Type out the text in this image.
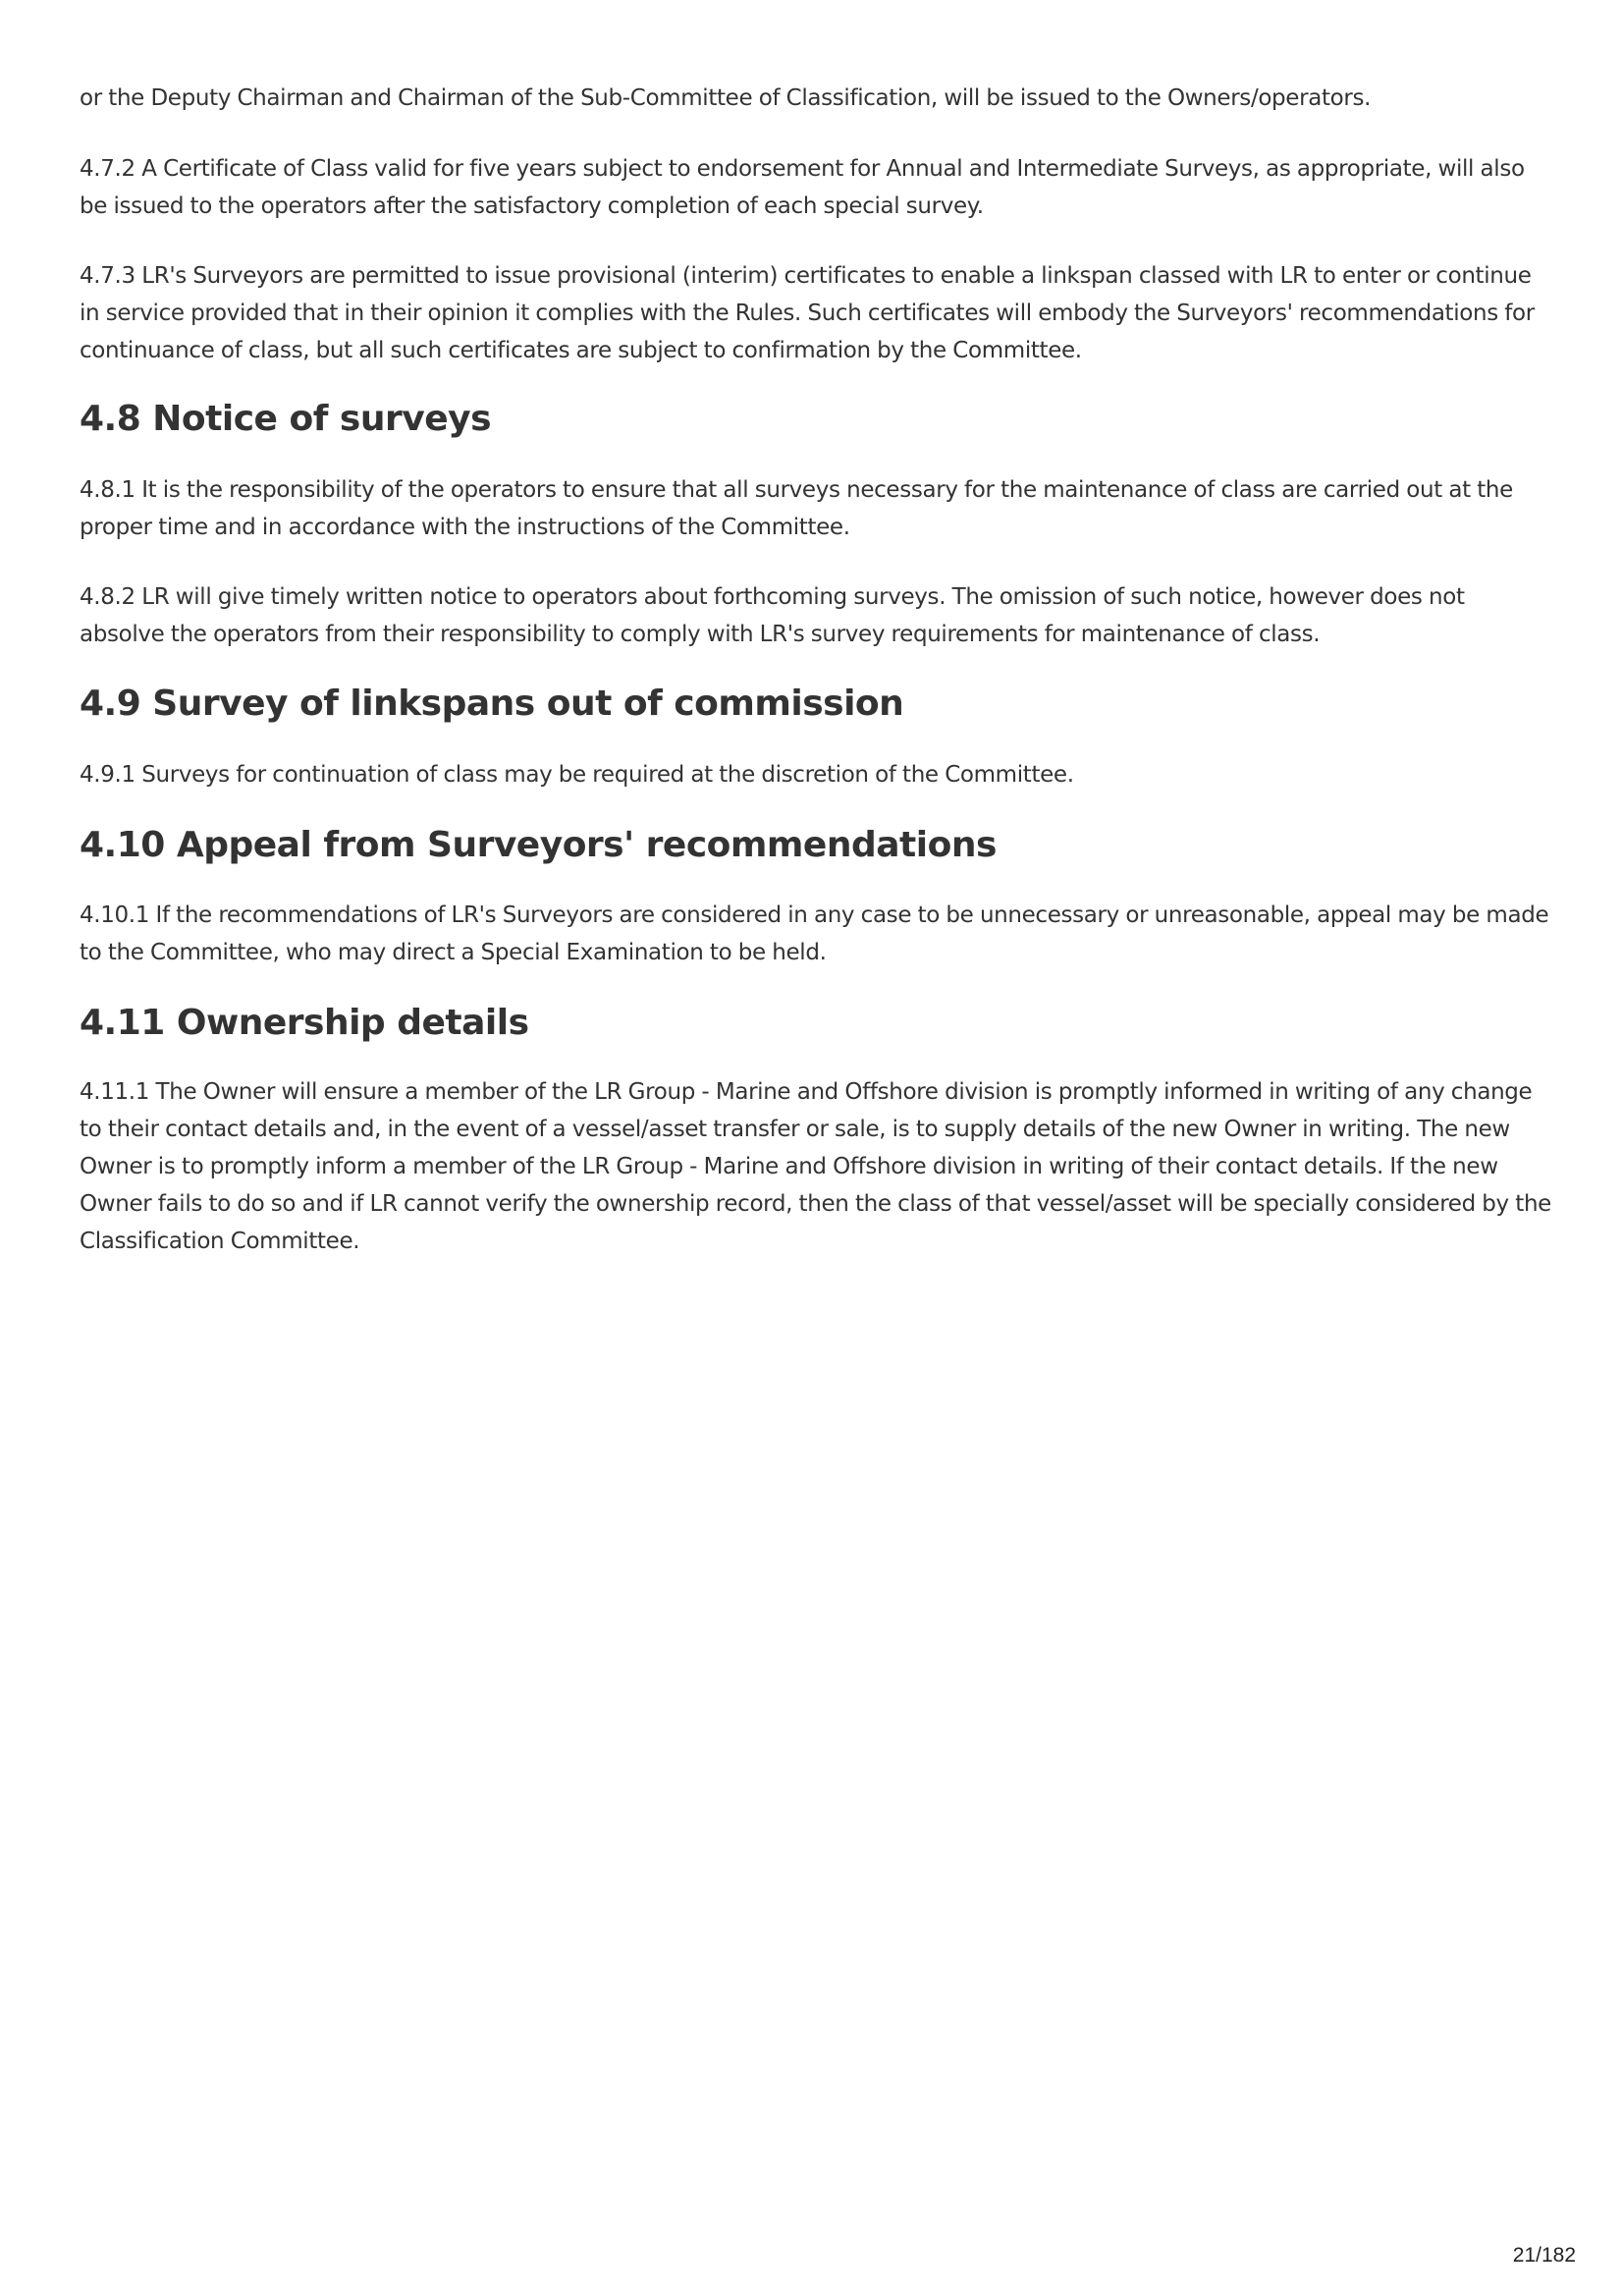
or the Deputy Chairman and Chairman of the Sub-Committee of Classification, will be issued to the Owners/operators.

4.7.2 A Certificate of Class valid for five years subject to endorsement for Annual and Intermediate Surveys, as appropriate, will also be issued to the operators after the satisfactory completion of each special survey.

4.7.3 LR's Surveyors are permitted to issue provisional (interim) certificates to enable a linkspan classed with LR to enter or continue in service provided that in their opinion it complies with the Rules. Such certificates will embody the Surveyors' recommendations for continuance of class, but all such certificates are subject to confirmation by the Committee.

4.8 Notice of surveys

4.8.1 It is the responsibility of the operators to ensure that all surveys necessary for the maintenance of class are carried out at the proper time and in accordance with the instructions of the Committee.

4.8.2 LR will give timely written notice to operators about forthcoming surveys. The omission of such notice, however does not absolve the operators from their responsibility to comply with LR's survey requirements for maintenance of class.

4.9 Survey of linkspans out of commission

4.9.1 Surveys for continuation of class may be required at the discretion of the Committee.

4.10 Appeal from Surveyors' recommendations

4.10.1 If the recommendations of LR's Surveyors are considered in any case to be unnecessary or unreasonable, appeal may be made to the Committee, who may direct a Special Examination to be held.

4.11 Ownership details

4.11.1 The Owner will ensure a member of the LR Group - Marine and Offshore division is promptly informed in writing of any change to their contact details and, in the event of a vessel/asset transfer or sale, is to supply details of the new Owner in writing. The new Owner is to promptly inform a member of the LR Group - Marine and Offshore division in writing of their contact details. If the new Owner fails to do so and if LR cannot verify the ownership record, then the class of that vessel/asset will be specially considered by the Classification Committee.

21/182
